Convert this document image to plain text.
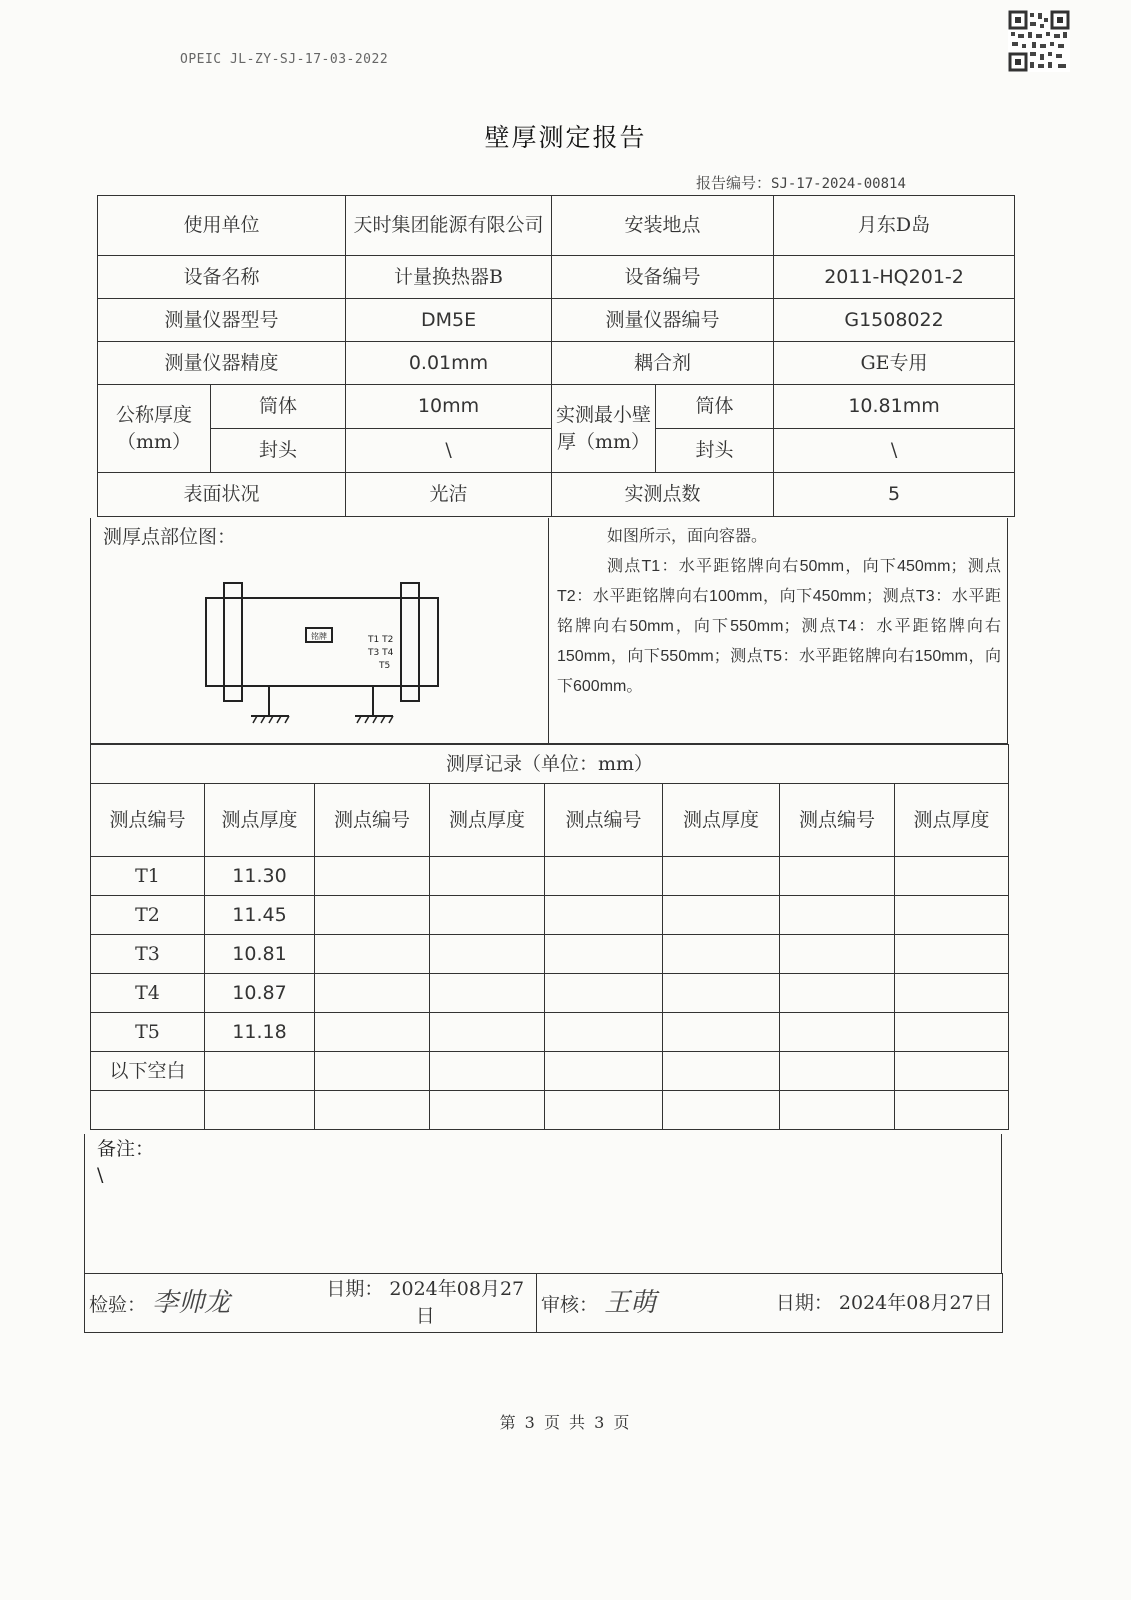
OPEIC JL-ZY-SJ-17-03-2022
壁厚测定报告
报告编号：SJ-17-2024-00814
使用单位		天时集团能源有限公司	安装地点		月东D岛
设备名称		计量换热器B	设备编号		2011-HQ201-2
测量仪器型号		DM5E	测量仪器编号		G1508022
测量仪器精度		0.01mm	耦合剂		GE专用
公称厚度（mm）	筒体	10mm	实测最小壁厚（mm）	筒体	10.81mm
	封头	\		封头	\
表面状况		光洁	实测点数		5
测厚点部位图：
铭牌	T1 T2
T3 T4
T5

如图所示，面向容器。

测点T1：水平距铭牌向右50mm，向下450mm；测点T2：水平距铭牌向右100mm，向下450mm；测点T3：水平距铭牌向右50mm，向下550mm；测点T4：水平距铭牌向右150mm，向下550mm；测点T5：水平距铭牌向右150mm，向下600mm。

测厚记录（单位：mm）							
测点编号	测点厚度	测点编号	测点厚度	测点编号	测点厚度	测点编号	测点厚度
T1	11.30						
T2	11.45						
T3	10.81						
T4	10.87						
T5	11.18						
以下空白							

备注：
\
检验： 李帅龙	日期： 2024年08月27日	审核： 王萌	日期： 2024年08月27日
第 3 页 共 3 页
